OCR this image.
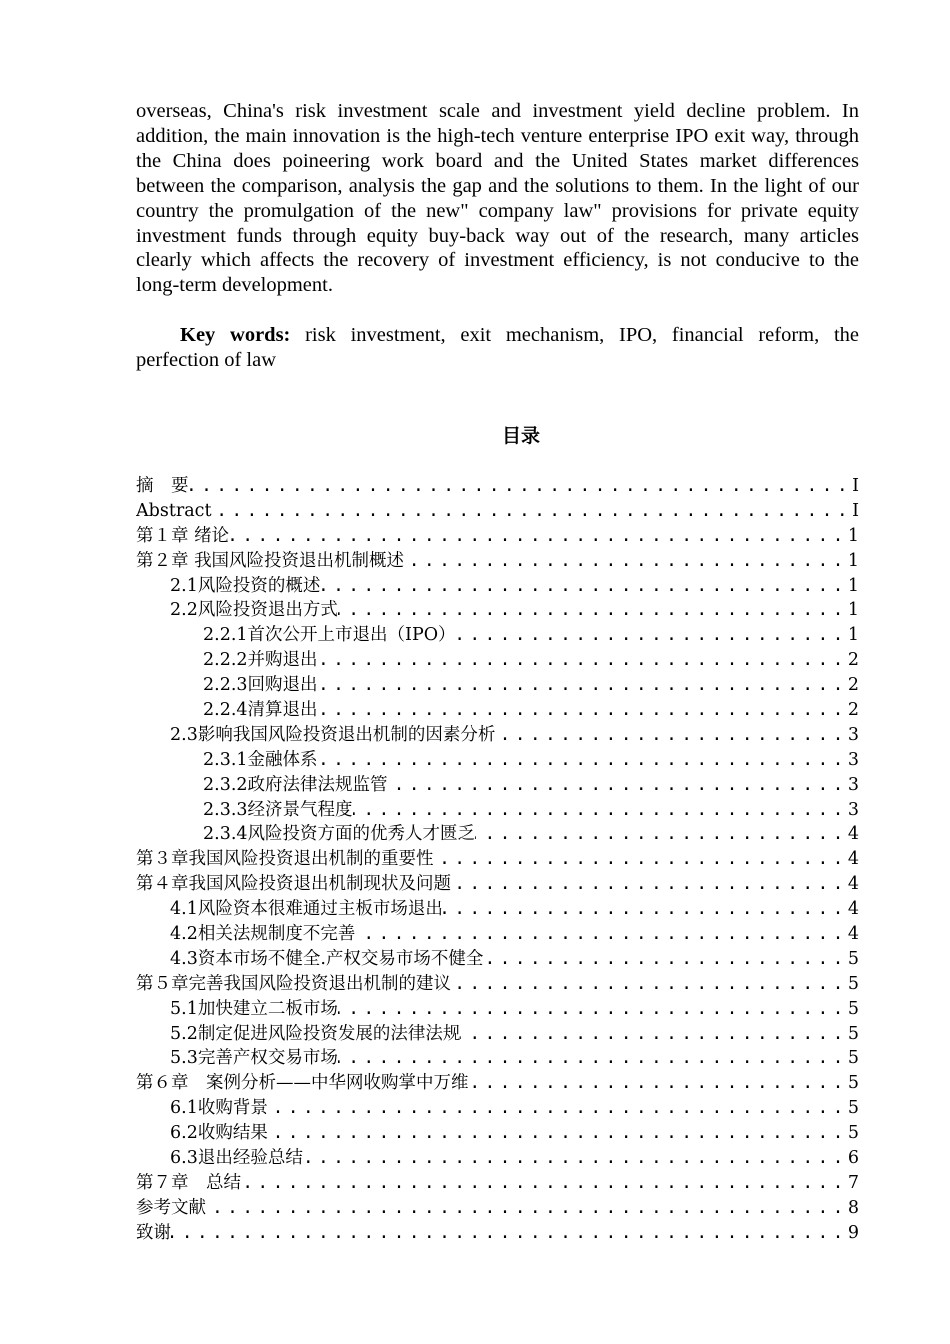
overseas, China's risk investment scale and investment yield decline problem. In addition, the main innovation is the high-tech venture enterprise IPO exit way, through the China does poineering work board and the United States market differences between the comparison, analysis the gap and the solutions to them. In the light of our country the promulgation of the new" company law" provisions for private equity investment funds through equity buy-back way out of the research, many articles clearly which affects the recovery of investment efficiency, is not conducive to the long-term development.

Key words: risk investment, exit mechanism, IPO, financial reform, the perfection of law

目录
摘　要 .....	I
Abstract .....	I
第１章 绪论 .....	1
第２章 我国风险投资退出机制概述 .....	1
2.1风险投资的概述 .....	1
2.2风险投资退出方式 .....	1
2.2.1首次公开上市退出（IPO） .....	1
2.2.2并购退出 .....	2
2.2.3回购退出 .....	2
2.2.4清算退出 .....	2
2.3影响我国风险投资退出机制的因素分析 .....	3
2.3.1金融体系 .....	3
2.3.2政府法律法规监管 .....	3
2.3.3经济景气程度 .....	3
2.3.4风险投资方面的优秀人才匮乏 .....	4
第３章我国风险投资退出机制的重要性 .....	4
第４章我国风险投资退出机制现状及问题 .....	4
4.1风险资本很难通过主板市场退出 .....	4
4.2相关法规制度不完善 .....	4
4.3资本市场不健全.产权交易市场不健全 .....	5
第５章完善我国风险投资退出机制的建议 .....	5
5.1加快建立二板市场 .....	5
5.2制定促进风险投资发展的法律法规 .....	5
5.3完善产权交易市场 .....	5
第６章　案例分析——中华网收购掌中万维 .....	5
6.1收购背景 .....	5
6.2收购结果 .....	5
6.3退出经验总结 .....	6
第７章　总结 .....	7
参考文献 .....	8
致谢 .....	9
